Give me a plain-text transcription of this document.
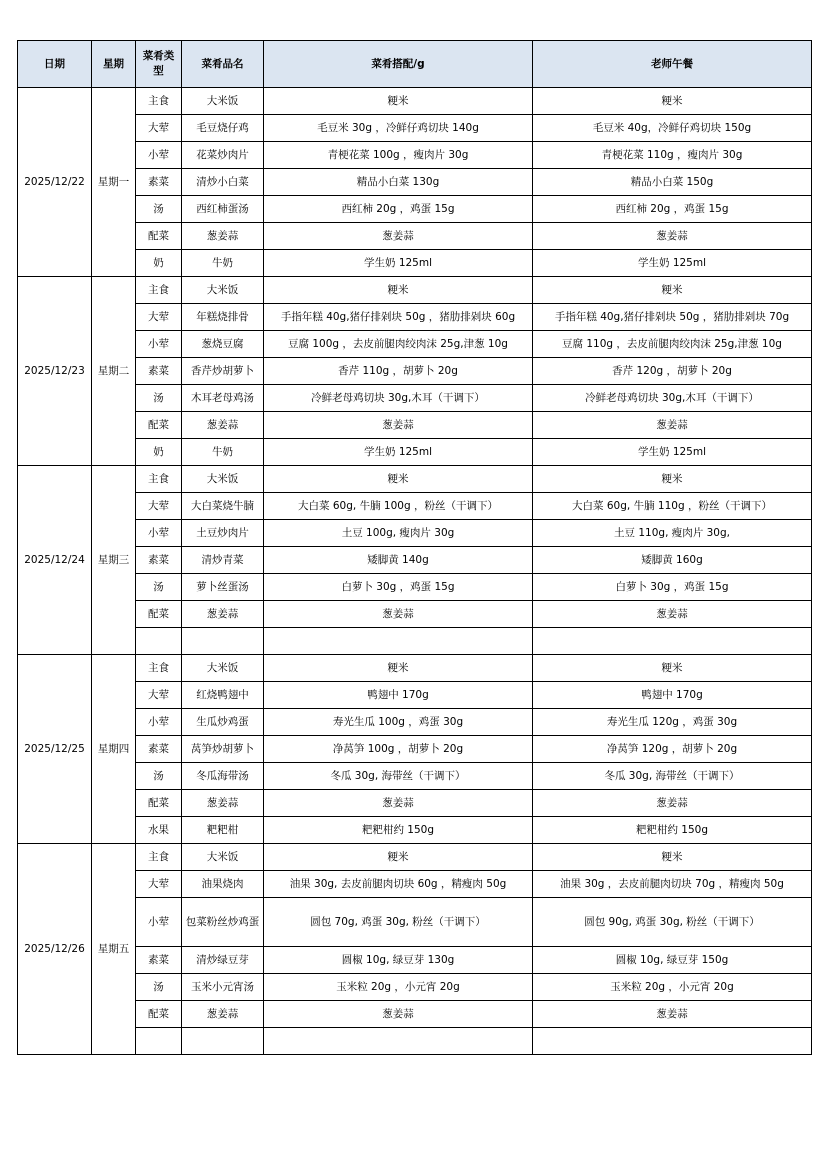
日期	星期	菜肴类型	菜肴品名	菜肴搭配/g	老师午餐
2025/12/22	星期一	主食	大米饭	粳米	粳米
		大荤	毛豆烧仔鸡	毛豆米 30g ，冷鲜仔鸡切块 140g	毛豆米 40g，冷鲜仔鸡切块 150g
		小荤	花菜炒肉片	青梗花菜 100g ，瘦肉片 30g	青梗花菜 110g ，瘦肉片 30g
		素菜	清炒小白菜	精品小白菜 130g	精品小白菜 150g
		汤	西红柿蛋汤	西红柿 20g ，鸡蛋 15g	西红柿 20g ，鸡蛋 15g
		配菜	葱姜蒜	葱姜蒜	葱姜蒜
		奶	牛奶	学生奶 125ml	学生奶 125ml
2025/12/23	星期二	主食	大米饭	粳米	粳米
		大荤	年糕烧排骨	手指年糕 40g,猪仔排剁块 50g ，猪肋排剁块 60g	手指年糕 40g,猪仔排剁块 50g ，猪肋排剁块 70g
		小荤	葱烧豆腐	豆腐 100g ，去皮前腿肉绞肉沫 25g,津葱 10g	豆腐 110g ，去皮前腿肉绞肉沫 25g,津葱 10g
		素菜	香芹炒胡萝卜	香芹 110g ，胡萝卜 20g	香芹 120g ，胡萝卜 20g
		汤	木耳老母鸡汤	冷鲜老母鸡切块 30g,木耳（干调下）	冷鲜老母鸡切块 30g,木耳（干调下）
		配菜	葱姜蒜	葱姜蒜	葱姜蒜
		奶	牛奶	学生奶 125ml	学生奶 125ml
2025/12/24	星期三	主食	大米饭	粳米	粳米
		大荤	大白菜烧牛腩	大白菜 60g, 牛腩 100g ，粉丝（干调下）	大白菜 60g, 牛腩 110g ，粉丝（干调下）
		小荤	土豆炒肉片	土豆 100g, 瘦肉片 30g	土豆 110g, 瘦肉片 30g,
		素菜	清炒青菜	矮脚黄 140g	矮脚黄 160g
		汤	萝卜丝蛋汤	白萝卜 30g ，鸡蛋 15g	白萝卜 30g ，鸡蛋 15g
		配菜	葱姜蒜	葱姜蒜	葱姜蒜

2025/12/25	星期四	主食	大米饭	粳米	粳米
		大荤	红烧鸭翅中	鸭翅中 170g	鸭翅中 170g
		小荤	生瓜炒鸡蛋	寿光生瓜 100g ，鸡蛋 30g	寿光生瓜 120g ，鸡蛋 30g
		素菜	莴笋炒胡萝卜	净莴笋 100g ，胡萝卜 20g	净莴笋 120g ，胡萝卜 20g
		汤	冬瓜海带汤	冬瓜 30g, 海带丝（干调下）	冬瓜 30g, 海带丝（干调下）
		配菜	葱姜蒜	葱姜蒜	葱姜蒜
		水果	粑粑柑	粑粑柑约 150g	粑粑柑约 150g
2025/12/26	星期五	主食	大米饭	粳米	粳米
		大荤	油果烧肉	油果 30g, 去皮前腿肉切块 60g ，精瘦肉 50g	油果 30g ，去皮前腿肉切块 70g ，精瘦肉 50g
		小荤	包菜粉丝炒鸡蛋	圆包 70g, 鸡蛋 30g, 粉丝（干调下）	圆包 90g, 鸡蛋 30g, 粉丝（干调下）
		素菜	清炒绿豆芽	圆椒 10g, 绿豆芽 130g	圆椒 10g, 绿豆芽 150g
		汤	玉米小元宵汤	玉米粒 20g ，小元宵 20g	玉米粒 20g ，小元宵 20g
		配菜	葱姜蒜	葱姜蒜	葱姜蒜
